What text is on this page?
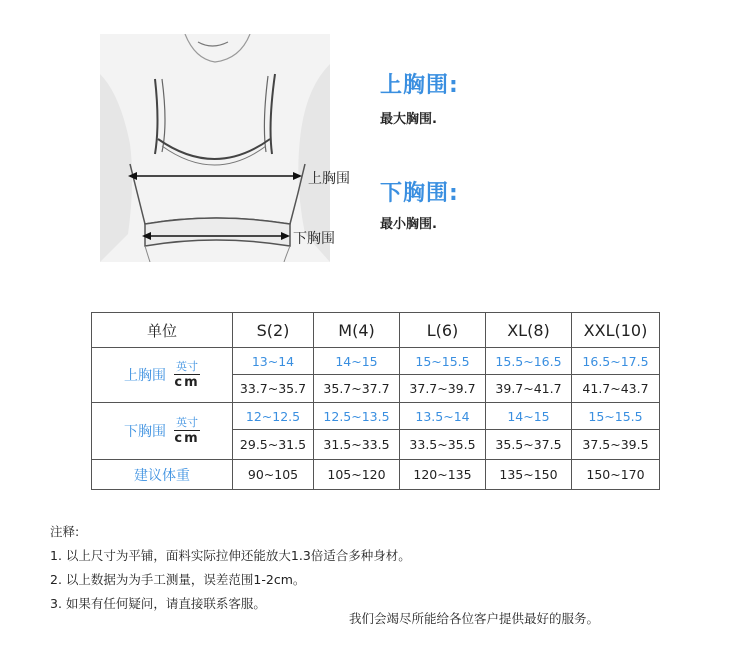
上胸围
下胸围
上胸围:
最大胸围.
下胸围:
最小胸围.
单位	S(2)	M(4)	L(6)	XL(8)	XXL(10)

上胸围
英寸
cm	13~14	14~15	15~15.5	15.5~16.5	16.5~17.5
	33.7~35.7	35.7~37.7	37.7~39.7	39.7~41.7	41.7~43.7

下胸围
英寸
cm	12~12.5	12.5~13.5	13.5~14	14~15	15~15.5
	29.5~31.5	31.5~33.5	33.5~35.5	35.5~37.5	37.5~39.5
建议体重	90~105	105~120	120~135	135~150	150~170
注释:
1. 以上尺寸为平铺，面料实际拉伸还能放大1.3倍适合多种身材。
2. 以上数据为为手工测量，误差范围1-2cm。
3. 如果有任何疑问，请直接联系客服。
我们会竭尽所能给各位客户提供最好的服务。
